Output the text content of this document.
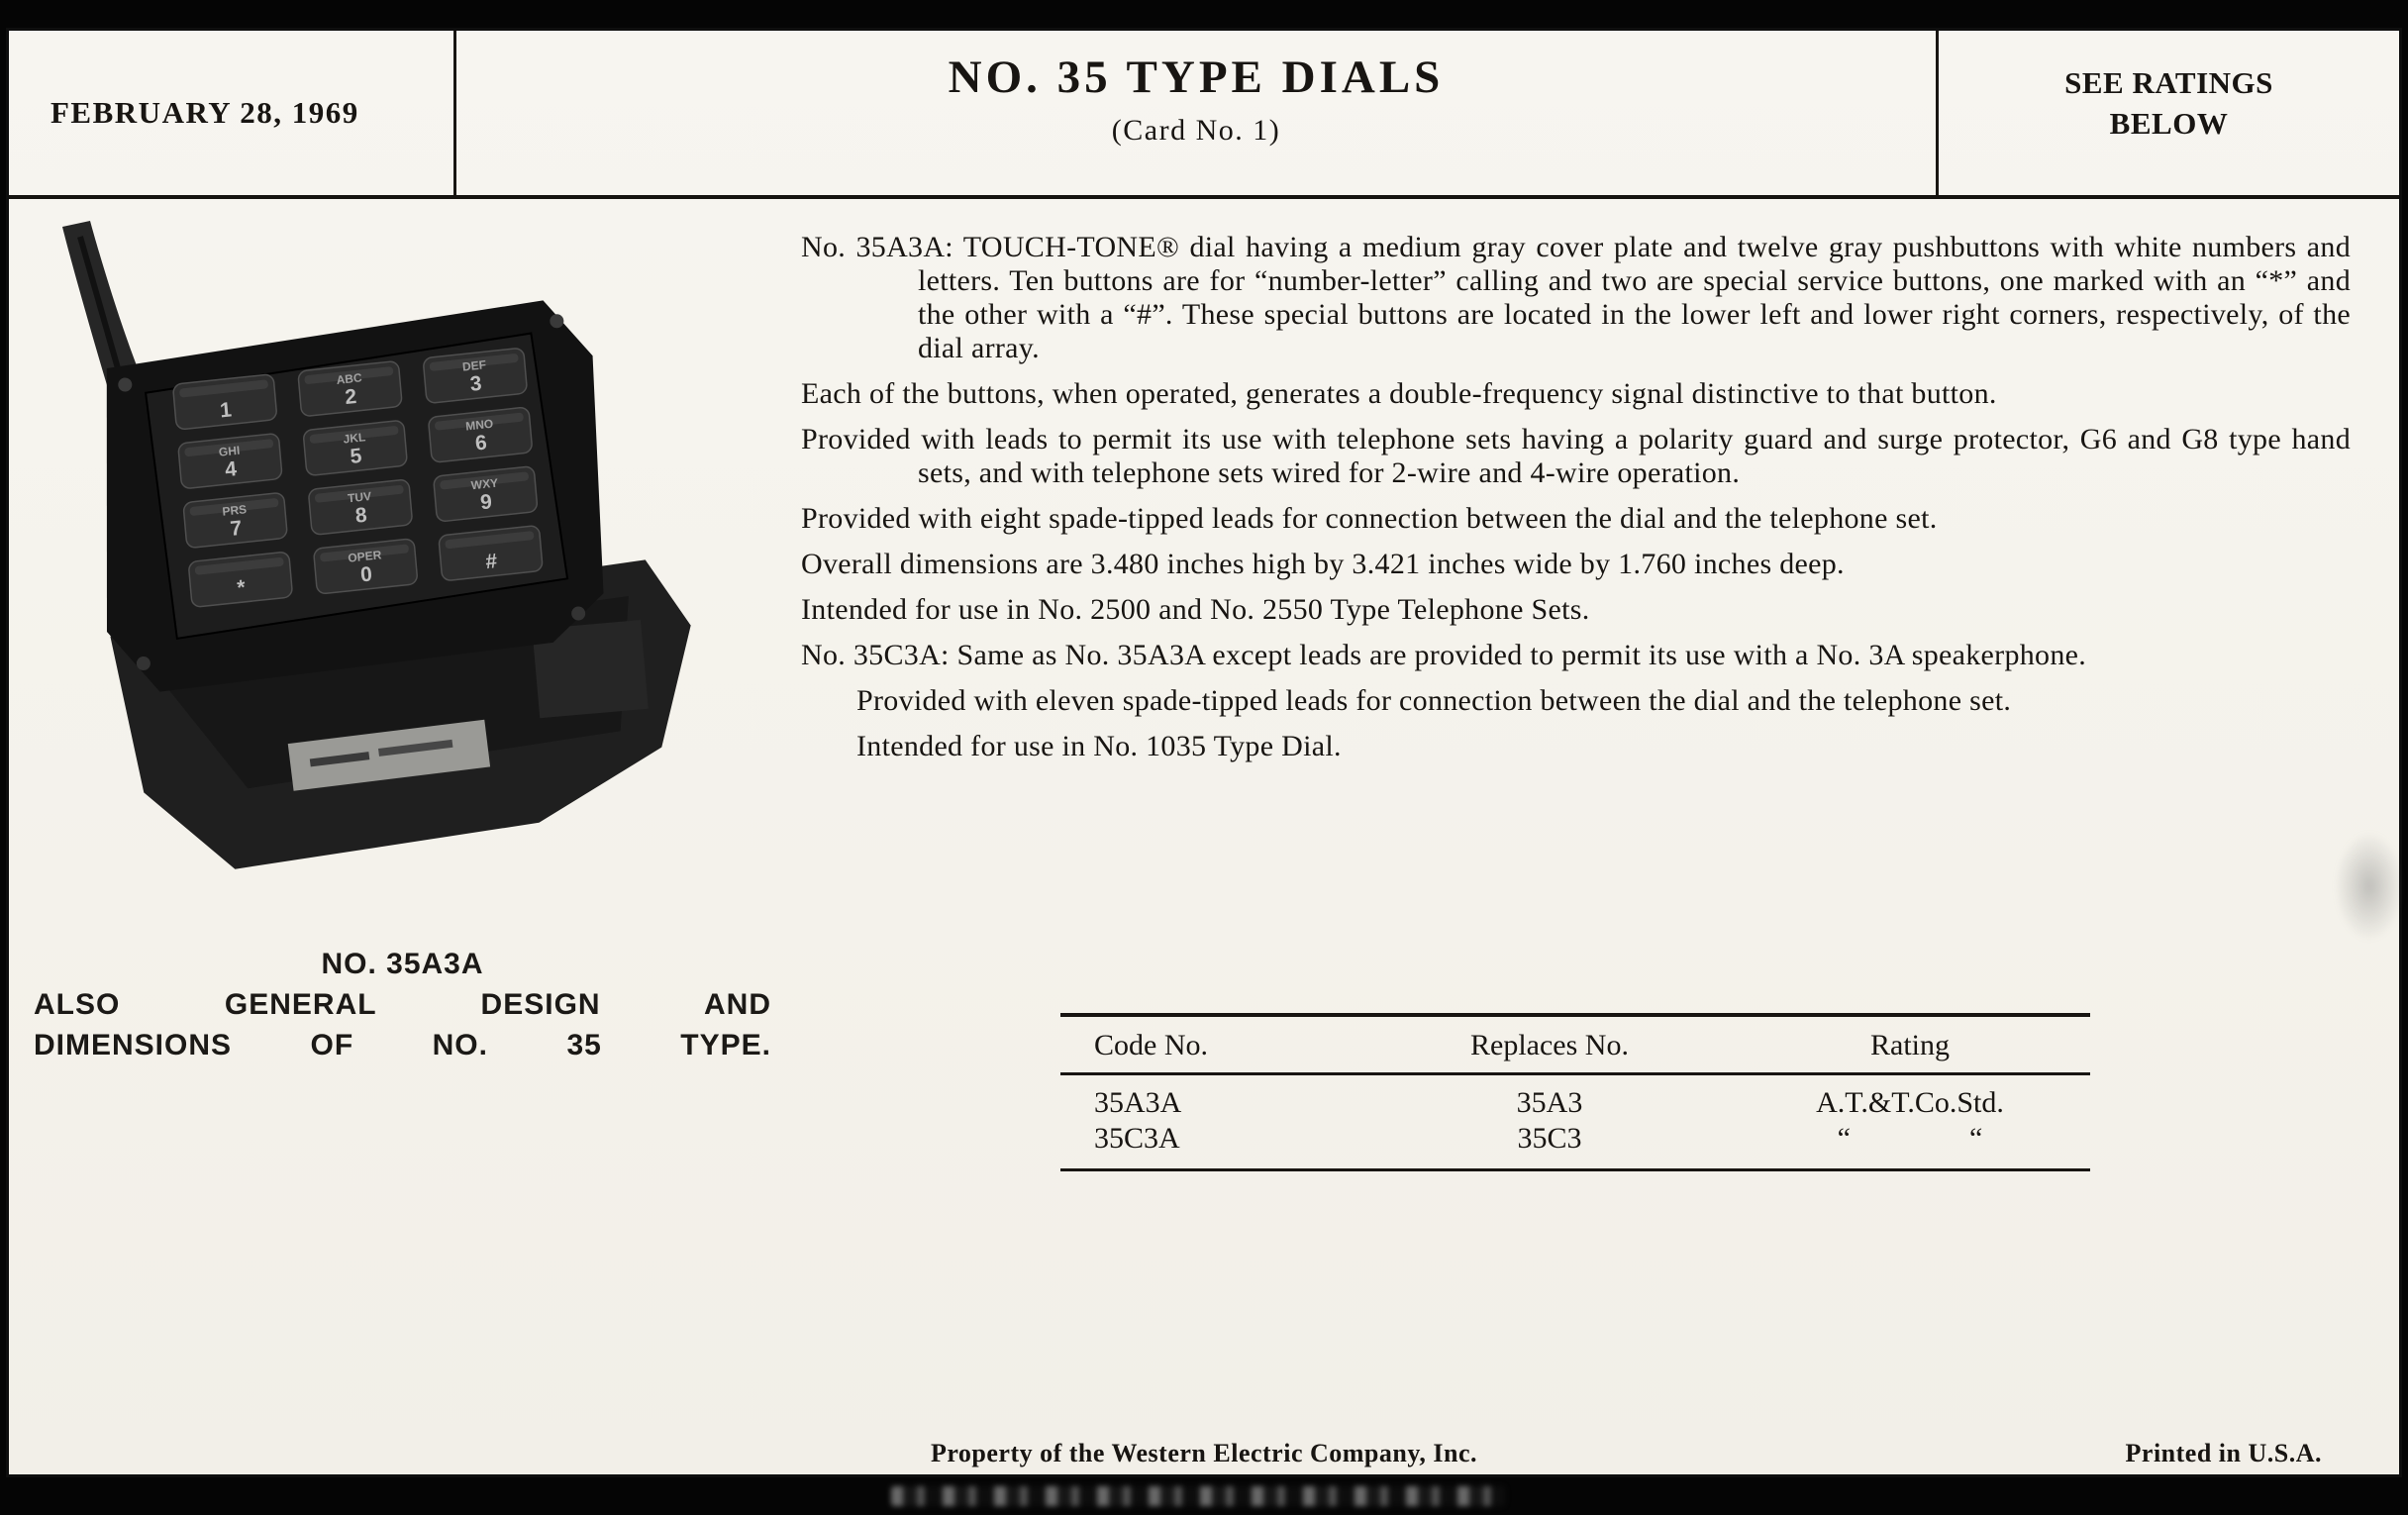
FEBRUARY 28, 1969
NO. 35 TYPE DIALS
(Card No. 1)
SEE RATINGS
BELOW
1
ABC
2
DEF
3
GHI
4
JKL
5
MNO
6
PRS
7
TUV
8
WXY
9
*
OPER
0
#
NO. 35A3A
ALSO GENERAL DESIGN AND
DIMENSIONS OF NO. 35 TYPE.

No. 35A3A: TOUCH-TONE® dial having a medium gray cover plate and twelve gray pushbuttons with white numbers and letters. Ten buttons are for “number-letter” calling and two are special service buttons, one marked with an “*” and the other with a “#”. These special buttons are located in the lower left and lower right corners, respectively, of the dial array.

Each of the buttons, when operated, generates a double-frequency signal distinctive to that button.

Provided with leads to permit its use with telephone sets having a polarity guard and surge protector, G6 and G8 type hand sets, and with telephone sets wired for 2-wire and 4-wire operation.

Provided with eight spade-tipped leads for connection between the dial and the telephone set.

Overall dimensions are 3.480 inches high by 3.421 inches wide by 1.760 inches deep.

Intended for use in No. 2500 and No. 2550 Type Telephone Sets.

No. 35C3A: Same as No. 35A3A except leads are provided to permit its use with a No. 3A speakerphone.

Provided with eleven spade-tipped leads for connection between the dial and the telephone set.

Intended for use in No. 1035 Type Dial.

Code No.	Replaces No.	Rating
35A3A	35A3	A.T.&T.Co.Std.
35C3A	35C3	“    “
Property of the Western Electric Company, Inc.	Printed in U.S.A.
